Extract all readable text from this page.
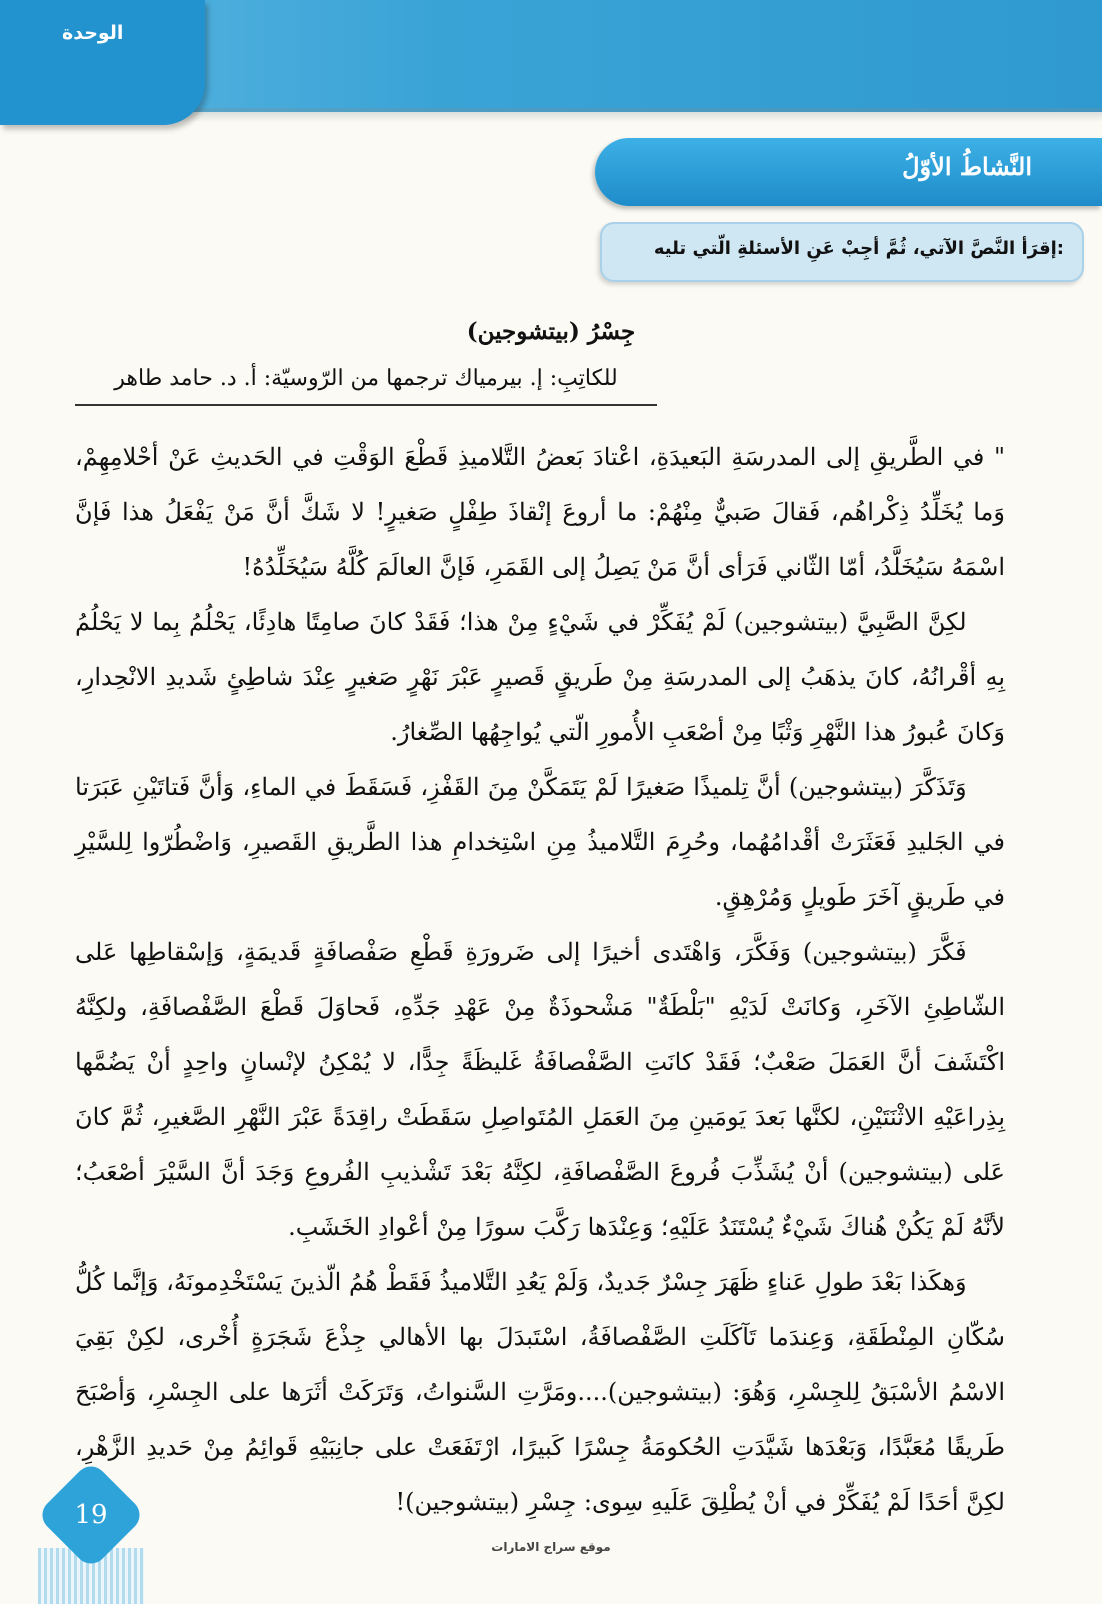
الوحدة
النَّشاطُ الأوّلُ
إقرَأ النَّصَّ الآتي، ثُمَّ أجِبْ عَنِ الأسئلةِ الّتي تليه:
جِسْرُ (بيتشوجين)
للكاتِبِ: إ. بيرمياك ترجمها من الرّوسيّة: أ. د. حامد طاهر

" في الطَّريقِ إلى المدرسَةِ البَعيدَةِ، اعْتادَ بَعضُ التَّلاميذِ قَطْعَ الوَقْتِ في الحَديثِ عَنْ أحْلامِهِمْ، وَما يُخَلِّدُ ذِكْراهُم، فَقالَ صَبيٌّ مِنْهُمْ: ما أروعَ إنْقاذَ طِفْلٍ صَغيرٍ! لا شَكَّ أنَّ مَنْ يَفْعَلُ هذا فَإنَّ اسْمَهُ سَيُخَلَّدُ، أمّا الثّاني فَرَأى أنَّ مَنْ يَصِلُ إلى القَمَرِ، فَإنَّ العالَمَ كُلَّهُ سَيُخَلِّدُهُ!

لكِنَّ الصَّبِيَّ (بيتشوجين) لَمْ يُفَكِّرْ في شَيْءٍ مِنْ هذا؛ فَقَدْ كانَ صامِتًا هادِئًا، يَحْلُمُ بِما لا يَحْلُمُ بِهِ أقْرانُهُ، كانَ يذهَبُ إلى المدرسَةِ مِنْ طَريقٍ قَصيرٍ عَبْرَ نَهْرٍ صَغيرٍ عِنْدَ شاطِئٍ شَديدِ الانْحِدارِ، وَكانَ عُبورُ هذا النَّهْرِ وَثْبًا مِنْ أصْعَبِ الأُمورِ الّتي يُواجِهُها الصِّغارُ.

وَتَذَكَّرَ (بيتشوجين) أنَّ تِلميذًا صَغيرًا لَمْ يَتَمَكَّنْ مِنَ القَفْزِ، فَسَقَطَ في الماءِ، وَأنَّ فَتاتَيْنِ عَبَرَتا في الجَليدِ فَعَثَرَتْ أقْدامُهُما، وحُرِمَ التَّلاميذُ مِنِ اسْتِخدامِ هذا الطَّريقِ القَصيرِ، وَاضْطُرّوا لِلسَّيْرِ في طَريقٍ آخَرَ طَويلٍ وَمُرْهِقٍ.

فَكَّرَ (بيتشوجين) وَفَكَّرَ، وَاهْتَدى أخيرًا إلى ضَرورَةِ قَطْعِ صَفْصافَةٍ قَديمَةٍ، وَإسْقاطِها عَلى الشّاطِئِ الآخَرِ، وَكانَتْ لَدَيْهِ "بَلْطَةٌ" مَشْحوذَةٌ مِنْ عَهْدِ جَدِّهِ، فَحاوَلَ قَطْعَ الصَّفْصافَةِ، ولكِنَّهُ اكْتَشَفَ أنَّ العَمَلَ صَعْبٌ؛ فَقَدْ كانَتِ الصَّفْصافَةُ غَليظَةً جِدًّا، لا يُمْكِنُ لإنْسانٍ واحِدٍ أنْ يَضُمَّها بِذِراعَيْهِ الاثْنَتَيْنِ، لكنَّها بَعدَ يَومَينِ مِنَ العَمَلِ المُتَواصِلِ سَقَطَتْ راقِدَةً عَبْرَ النَّهْرِ الصَّغيرِ، ثُمَّ كانَ عَلى (بيتشوجين) أنْ يُشَذِّبَ فُروعَ الصَّفْصافَةِ، لكِنَّهُ بَعْدَ تَشْذيبِ الفُروعِ وَجَدَ أنَّ السَّيْرَ أصْعَبُ؛ لأنَّهُ لَمْ يَكُنْ هُناكَ شَيْءٌ يُسْتَنَدُ عَلَيْهِ؛ وَعِنْدَها رَكَّبَ سورًا مِنْ أعْوادِ الخَشَبِ.

وَهكَذا بَعْدَ طولِ عَناءٍ ظَهَرَ جِسْرٌ جَديدٌ، وَلَمْ يَعُدِ التَّلاميذُ فَقَطْ هُمُ الّذينَ يَسْتَخْدِمونَهُ، وَإنَّما كُلُّ سُكّانِ المِنْطَقَةِ، وَعِندَما تَآكَلَتِ الصَّفْصافَةُ، اسْتَبدَلَ بها الأهالي جِذْعَ شَجَرَةٍ أُخْرى، لكِنْ بَقِيَ الاسْمُ الأسْبَقُ لِلجِسْرِ، وَهُوَ: (بيتشوجين)....ومَرَّتِ السَّنواتُ، وَتَرَكَتْ أثَرَها على الجِسْرِ، وَأصْبَحَ طَريقًا مُعَبَّدًا، وَبَعْدَها شَيَّدَتِ الحُكومَةُ جِسْرًا كَبيرًا، ارْتَفَعَتْ على جانِبَيْهِ قَوائِمُ مِنْ حَديدِ الزَّهْرِ، لكِنَّ أحَدًا لَمْ يُفَكِّرْ في أنْ يُطْلِقَ عَلَيهِ سِوى: جِسْرِ (بيتشوجين)!

19
موقع سراج الامارات
